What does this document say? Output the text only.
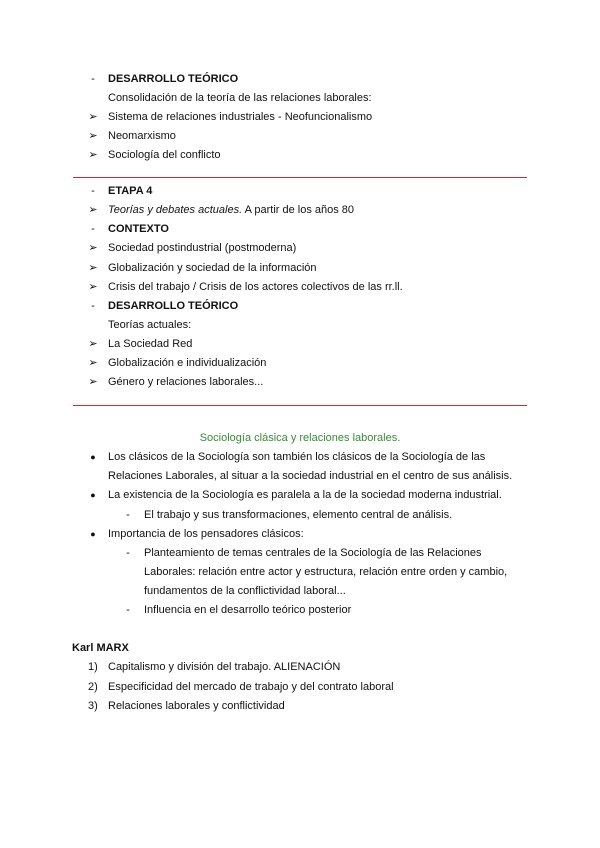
-	DESARROLLO TEÓRICO
Consolidación de la teoría de las relaciones laborales:
➢ Sistema de relaciones industriales - Neofuncionalismo
➢ Neomarxismo
➢ Sociología del conflicto
-	ETAPA 4
➢ Teorías y debates actuales. A partir de los años 80
-	CONTEXTO
➢ Sociedad postindustrial (postmoderna)
➢ Globalización y sociedad de la información
➢ Crisis del trabajo / Crisis de los actores colectivos de las rr.ll.
-	DESARROLLO TEÓRICO
Teorías actuales:
➢ La Sociedad Red
➢ Globalización e individualización
➢ Género y relaciones laborales...
Sociología clásica y relaciones laborales.
●	Los clásicos de la Sociología son también los clásicos de la Sociología de las
Relaciones Laborales, al situar a la sociedad industrial en el centro de sus análisis.
●	La existencia de la Sociología es paralela a la de la sociedad moderna industrial.
-	El trabajo y sus transformaciones, elemento central de análisis.
●	Importancia de los pensadores clásicos:
-	Planteamiento de temas centrales de la Sociología de las Relaciones
Laborales: relación entre actor y estructura, relación entre orden y cambio,
fundamentos de la conflictividad laboral...
-	Influencia en el desarrollo teórico posterior
Karl MARX
1) Capitalismo y división del trabajo. ALIENACIÓN
2) Especificidad del mercado de trabajo y del contrato laboral
3) Relaciones laborales y conflictividad
